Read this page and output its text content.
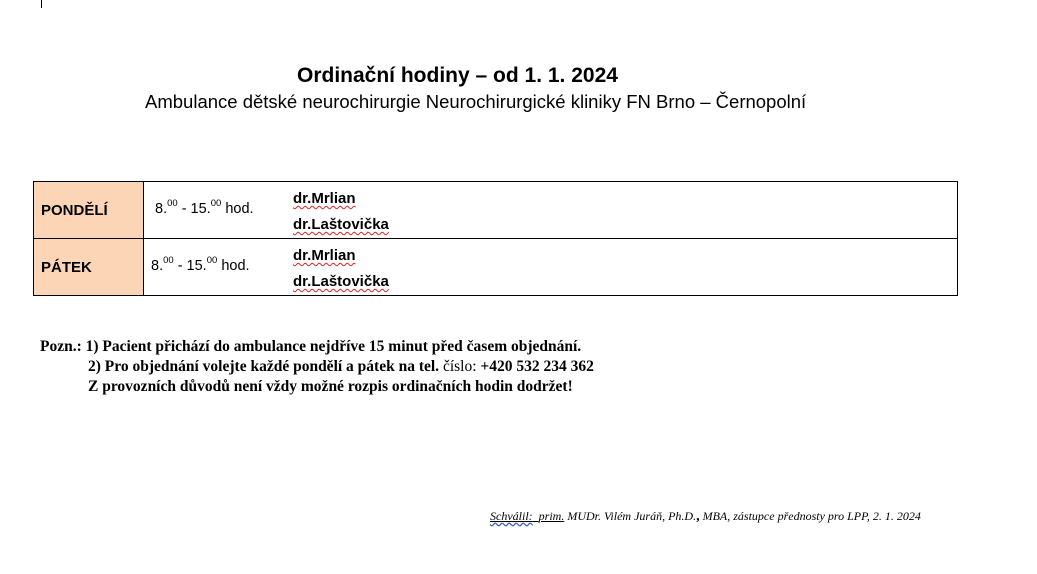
Ordinační hodiny – od 1. 1. 2024
Ambulance dětské neurochirurgie Neurochirurgické kliniky FN Brno – Černopolní
PONDĚLÍ	8.00 - 15.00 hod.
dr.Mrlian
dr.Laštovička

PÁTEK	8.00 - 15.00 hod.
dr.Mrlian
dr.Laštovička
Pozn.: 1) Pacient přichází do ambulance nejdříve 15 minut před časem objednání.
2) Pro objednání volejte každé pondělí a pátek na tel. číslo: +420 532 234 362
Z provozních důvodů není vždy možné rozpis ordinačních hodin dodržet!
Schválil: prim. MUDr. Vilém Juráň, Ph.D., MBA, zástupce přednosty pro LPP, 2. 1. 2024
